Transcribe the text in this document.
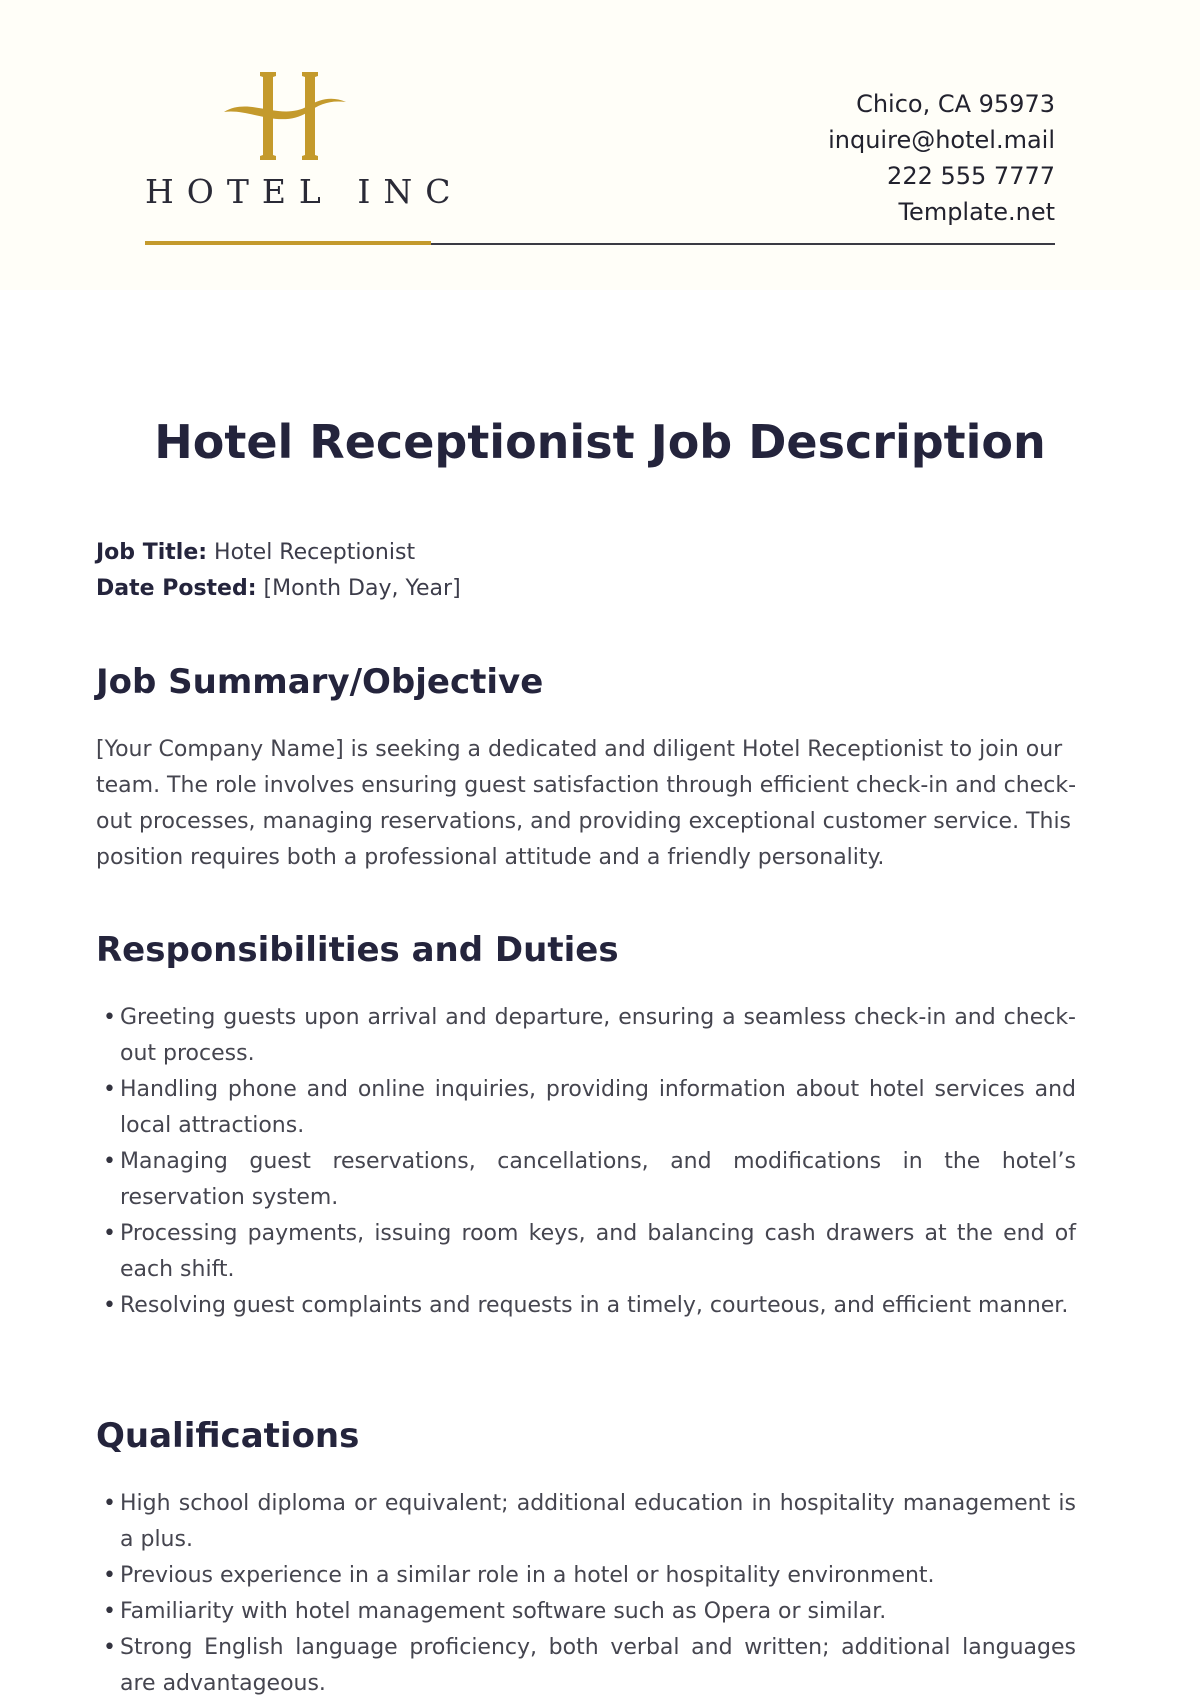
HOTEL INC
Chico, CA 95973
inquire@hotel.mail
222 555 7777
Template.net
Hotel Receptionist Job Description
Job Title: Hotel Receptionist
Date Posted: [Month Day, Year]
Job Summary/Objective

[Your Company Name] is seeking a dedicated and diligent Hotel Receptionist to join our team. The role involves ensuring guest satisfaction through efficient check-in and check-out processes, managing reservations, and providing exceptional customer service. This position requires both a professional attitude and a friendly personality.

Responsibilities and Duties
• Greeting guests upon arrival and departure, ensuring a seamless check-in and check-out process.
• Handling phone and online inquiries, providing information about hotel services and local attractions.
• Managing guest reservations, cancellations, and modifications in the hotel’s reservation system.
• Processing payments, issuing room keys, and balancing cash drawers at the end of each shift.
• Resolving guest complaints and requests in a timely, courteous, and efficient manner.
Qualifications
• High school diploma or equivalent; additional education in hospitality management is a plus.
• Previous experience in a similar role in a hotel or hospitality environment.
• Familiarity with hotel management software such as Opera or similar.
• Strong English language proficiency, both verbal and written; additional languages are advantageous.
